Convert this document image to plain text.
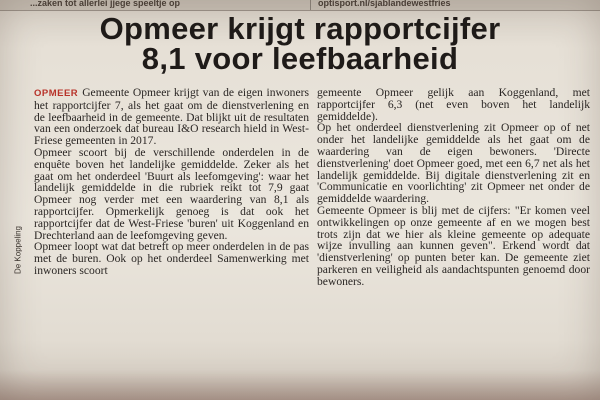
...zaken tot allerlei jjege speeltje op	optisport.nl/sjablandewestfries
Opmeer krijgt rapportcijfer
8,1 voor leefbaarheid
De Koppeling

OPMEER Gemeente Opmeer krijgt van de eigen inwoners het rapportcijfer 7, als het gaat om de dienstverlening en de leefbaarheid in de gemeente. Dat blijkt uit de resultaten van een onderzoek dat bureau I&O research hield in West-Friese gemeenten in 2017.

Opmeer scoort bij de verschillende onderdelen in de enquête boven het landelijke gemiddelde. Zeker als het gaat om het onderdeel 'Buurt als leefomgeving': waar het landelijk gemiddelde in die rubriek reikt tot 7,9 gaat Opmeer nog verder met een waardering van 8,1 als rapportcijfer. Opmerkelijk genoeg is dat ook het rapportcijfer dat de West-Friese 'buren' uit Koggenland en Drechterland aan de leefomgeving geven.

Opmeer loopt wat dat betreft op meer onderdelen in de pas met de buren. Ook op het onderdeel Samenwerking met inwoners scoort

gemeente Opmeer gelijk aan Koggenland, met rapportcijfer 6,3 (net even boven het landelijk gemiddelde).

Op het onderdeel dienstverlening zit Opmeer op of net onder het landelijke gemiddelde als het gaat om de waardering van de eigen bewoners. 'Directe dienstverlening' doet Opmeer goed, met een 6,7 net als het landelijk gemiddelde. Bij digitale dienstverlening zit en 'Communicatie en voorlichting' zit Opmeer net onder de gemiddelde waardering.

Gemeente Opmeer is blij met de cijfers: "Er komen veel ontwikkelingen op onze gemeente af en we mogen best trots zijn dat we hier als kleine gemeente op adequate wijze invulling aan kunnen geven". Erkend wordt dat 'dienstverlening' op punten beter kan. De gemeente ziet parkeren en veiligheid als aandachtspunten genoemd door bewoners.
